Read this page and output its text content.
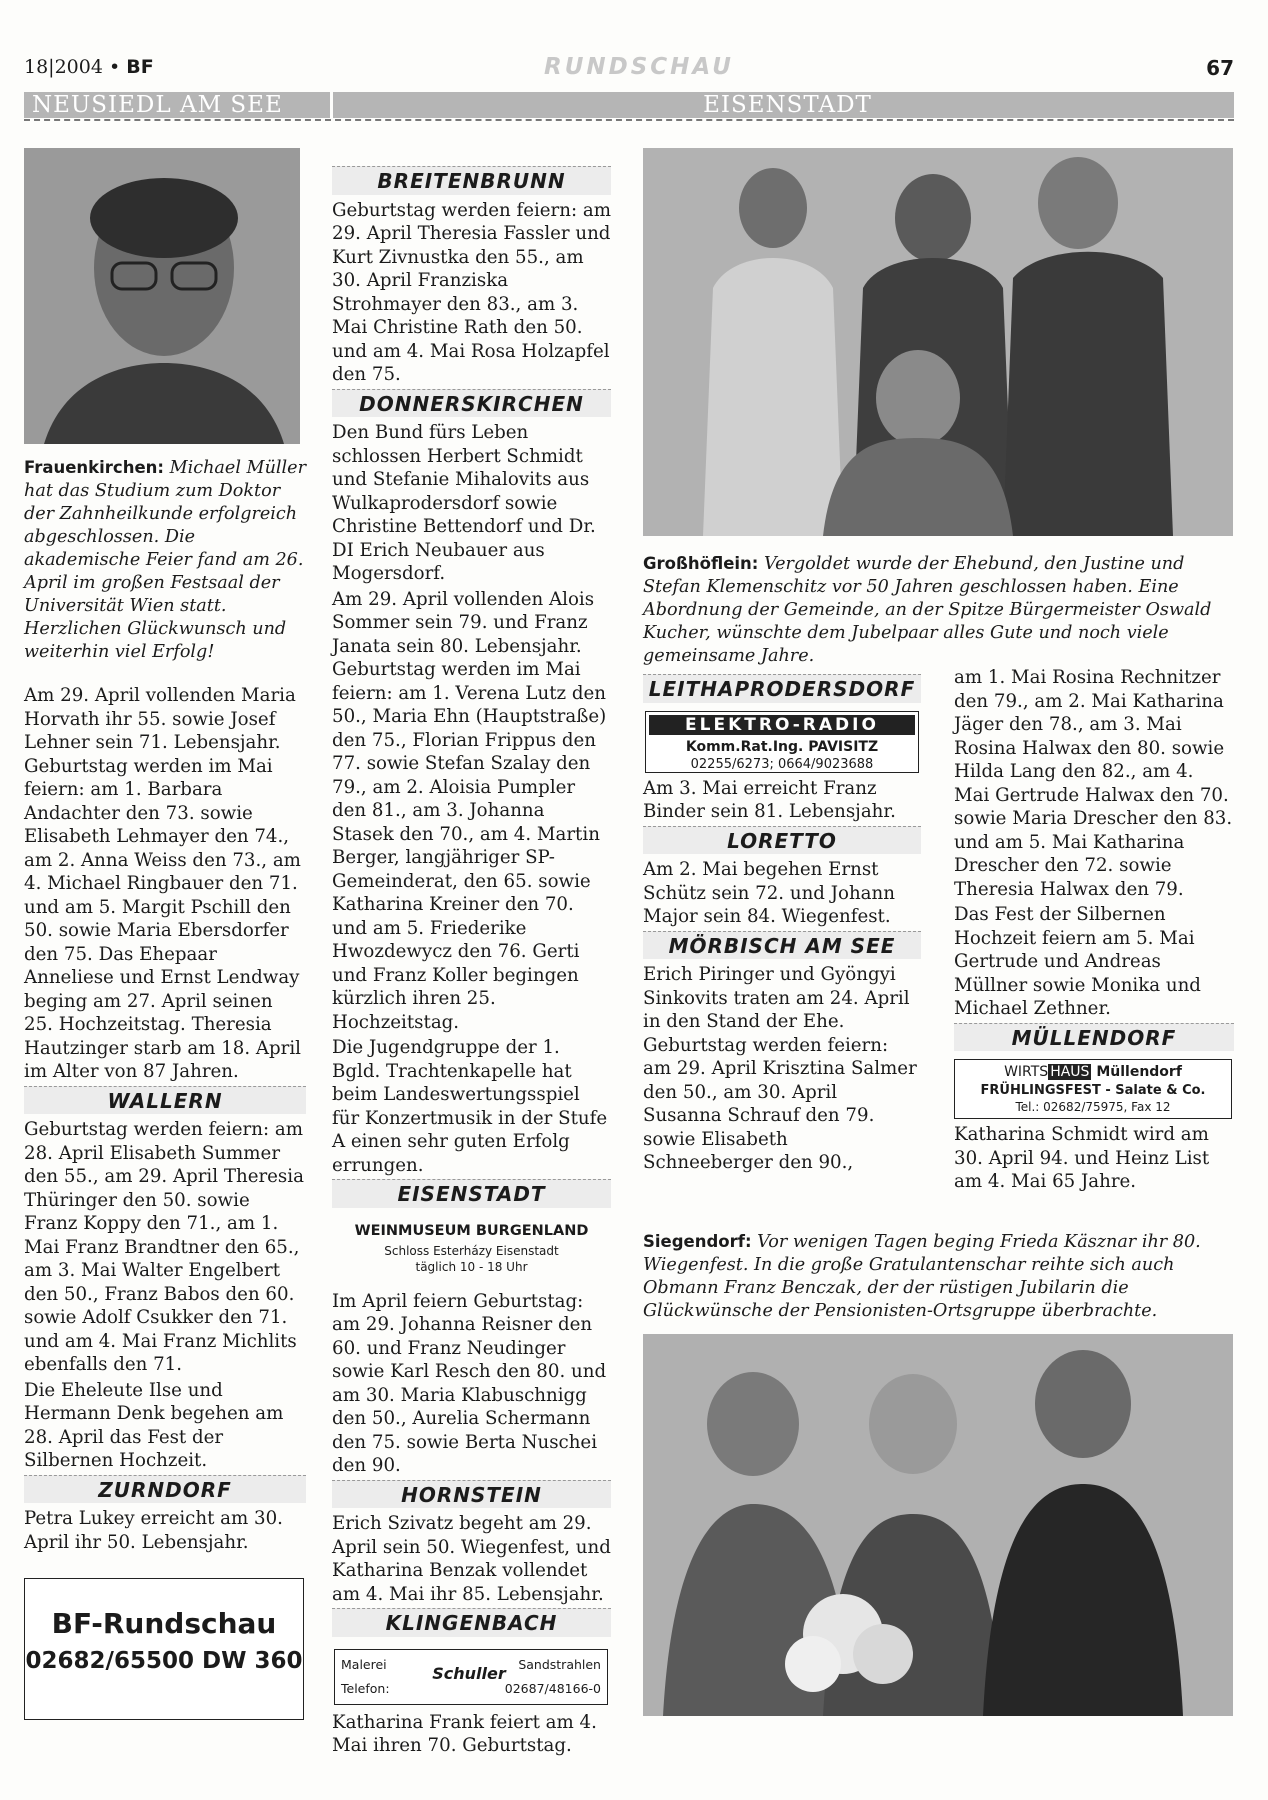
18|2004 • BF	RUNDSCHAU	67
NEUSIEDL AM SEE	EISENSTADT

Frauenkirchen: Michael Müller hat das Studium zum Doktor der Zahnheilkunde erfolgreich abgeschlossen. Die akademische Feier fand am 26. April im großen Festsaal der Universität Wien statt. Herzlichen Glückwunsch und weiterhin viel Erfolg!

Am 29. April vollenden Maria Horvath ihr 55. sowie Josef Lehner sein 71. Lebensjahr. Geburtstag werden im Mai feiern: am 1. Barbara Andachter den 73. sowie Elisabeth Lehmayer den 74., am 2. Anna Weiss den 73., am 4. Michael Ringbauer den 71. und am 5. Margit Pschill den 50. sowie Maria Ebersdorfer den 75. Das Ehepaar Anneliese und Ernst Lendway beging am 27. April seinen 25. Hochzeitstag. Theresia Hautzinger starb am 18. April im Alter von 87 Jahren.

WALLERN

Geburtstag werden feiern: am 28. April Elisabeth Summer den 55., am 29. April Theresia Thüringer den 50. sowie Franz Koppy den 71., am 1. Mai Franz Brandtner den 65., am 3. Mai Walter Engelbert den 50., Franz Babos den 60. sowie Adolf Csukker den 71. und am 4. Mai Franz Michlits ebenfalls den 71.

Die Eheleute Ilse und Hermann Denk begehen am 28. April das Fest der Silbernen Hochzeit.

ZURNDORF

Petra Lukey erreicht am 30. April ihr 50. Lebensjahr.

BF-Rundschau
02682/65500 DW 360
BREITENBRUNN

Geburtstag werden feiern: am 29. April Theresia Fassler und Kurt Zivnustka den 55., am 30. April Franziska Strohmayer den 83., am 3. Mai Christine Rath den 50. und am 4. Mai Rosa Holzapfel den 75.

DONNERSKIRCHEN

Den Bund fürs Leben schlossen Herbert Schmidt und Stefanie Mihalovits aus Wulkaprodersdorf sowie Christine Bettendorf und Dr. DI Erich Neubauer aus Mogersdorf.

Am 29. April vollenden Alois Sommer sein 79. und Franz Janata sein 80. Lebensjahr. Geburtstag werden im Mai feiern: am 1. Verena Lutz den 50., Maria Ehn (Hauptstraße) den 75., Florian Frippus den 77. sowie Stefan Szalay den 79., am 2. Aloisia Pumpler den 81., am 3. Johanna Stasek den 70., am 4. Martin Berger, langjähriger SP-Gemeinderat, den 65. sowie Katharina Kreiner den 70. und am 5. Friederike Hwozdewycz den 76. Gerti und Franz Koller begingen kürzlich ihren 25. Hochzeitstag.

Die Jugendgruppe der 1. Bgld. Trachtenkapelle hat beim Landeswertungsspiel für Konzertmusik in der Stufe A einen sehr guten Erfolg errungen.

EISENSTADT
WEINMUSEUM BURGENLAND
Schloss Esterházy Eisenstadt
täglich 10 - 18 Uhr

Im April feiern Geburtstag: am 29. Johanna Reisner den 60. und Franz Neudinger sowie Karl Resch den 80. und am 30. Maria Klabuschnigg den 50., Aurelia Schermann den 75. sowie Berta Nuschei den 90.

HORNSTEIN

Erich Szivatz begeht am 29. April sein 50. Wiegenfest, und Katharina Benzak vollendet am 4. Mai ihr 85. Lebensjahr.

KLINGENBACH
Malerei	Sandstrahlen
Schuller
Telefon:	02687/48166-0

Katharina Frank feiert am 4. Mai ihren 70. Geburtstag.

Großhöflein: Vergoldet wurde der Ehebund, den Justine und Stefan Klemenschitz vor 50 Jahren geschlossen haben. Eine Abordnung der Gemeinde, an der Spitze Bürgermeister Oswald Kucher, wünschte dem Jubelpaar alles Gute und noch viele gemeinsame Jahre.

LEITHAPRODERSDORF
ELEKTRO-RADIO
Komm.Rat.Ing. PAVISITZ
02255/6273; 0664/9023688

Am 3. Mai erreicht Franz Binder sein 81. Lebensjahr.

LORETTO

Am 2. Mai begehen Ernst Schütz sein 72. und Johann Major sein 84. Wiegenfest.

MÖRBISCH AM SEE

Erich Piringer und Gyöngyi Sinkovits traten am 24. April in den Stand der Ehe. Geburtstag werden feiern: am 29. April Krisztina Salmer den 50., am 30. April Susanna Schrauf den 79. sowie Elisabeth Schneeberger den 90.,

am 1. Mai Rosina Rechnitzer den 79., am 2. Mai Katharina Jäger den 78., am 3. Mai Rosina Halwax den 80. sowie Hilda Lang den 82., am 4. Mai Gertrude Halwax den 70. sowie Maria Drescher den 83. und am 5. Mai Katharina Drescher den 72. sowie Theresia Halwax den 79.

Das Fest der Silbernen Hochzeit feiern am 5. Mai Gertrude und Andreas Müllner sowie Monika und Michael Zethner.

MÜLLENDORF
WIRTS HAUS Müllendorf
FRÜHLINGSFEST - Salate & Co.
Tel.: 02682/75975, Fax 12

Katharina Schmidt wird am 30. April 94. und Heinz List am 4. Mai 65 Jahre.

Siegendorf: Vor wenigen Tagen beging Frieda Käsznar ihr 80. Wiegenfest. In die große Gratulantenschar reihte sich auch Obmann Franz Benczak, der der rüstigen Jubilarin die Glückwünsche der Pensionisten-Ortsgruppe überbrachte.
